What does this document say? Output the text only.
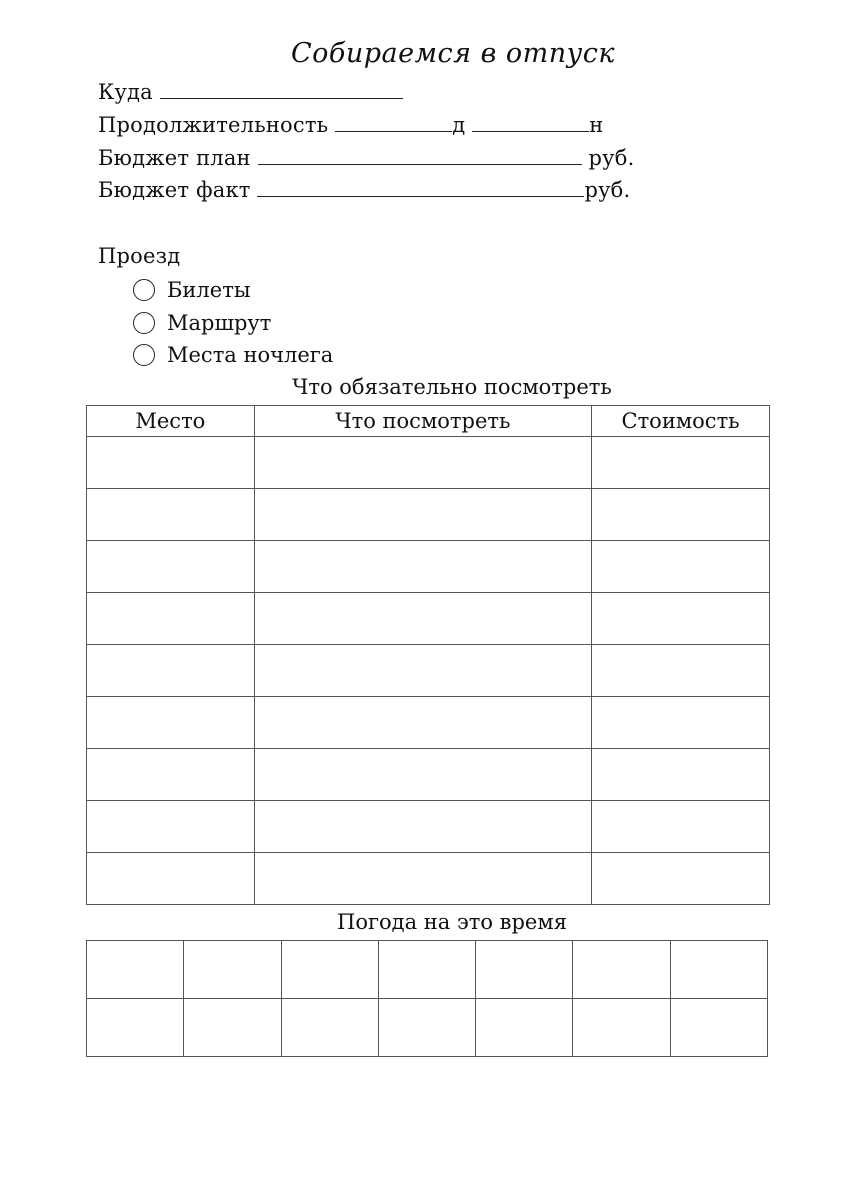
Собираемся в отпуск
Куда
Продолжительность	д	н
Бюджет план	руб.
Бюджет факт	руб.
Проезд
Билеты
Маршрут
Места ночлега
Что обязательно посмотреть
Место	Что посмотреть	Стоимость

Погода на это время
